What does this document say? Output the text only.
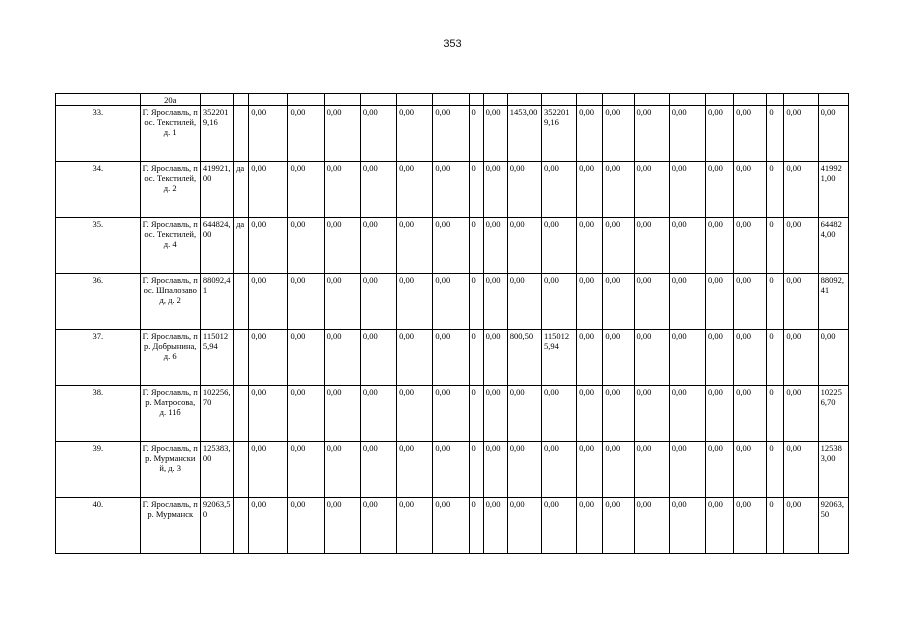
353
	20а																					
33.	Г. Ярославль, пос. Текстилей, д. 1	3522019,16		0,00	0,00	0,00	0,00	0,00	0,00	0	0,00	1453,00	3522019,16	0,00	0,00	0,00	0,00	0,00	0,00	0	0,00	0,00
34.	Г. Ярославль, пос. Текстилей, д. 2	419921,00	да	0,00	0,00	0,00	0,00	0,00	0,00	0	0,00	0,00	0,00	0,00	0,00	0,00	0,00	0,00	0,00	0	0,00	419921,00
35.	Г. Ярославль, пос. Текстилей, д. 4	644824,00	да	0,00	0,00	0,00	0,00	0,00	0,00	0	0,00	0,00	0,00	0,00	0,00	0,00	0,00	0,00	0,00	0	0,00	644824,00
36.	Г. Ярославль, пос. Шпалозавод, д. 2	88092,41		0,00	0,00	0,00	0,00	0,00	0,00	0	0,00	0,00	0,00	0,00	0,00	0,00	0,00	0,00	0,00	0	0,00	88092,41
37.	Г. Ярославль, пр. Добрынина, д. 6	1150125,94		0,00	0,00	0,00	0,00	0,00	0,00	0	0,00	800,50	1150125,94	0,00	0,00	0,00	0,00	0,00	0,00	0	0,00	0,00
38.	Г. Ярославль, пр. Матросова, д. 11б	102256,70		0,00	0,00	0,00	0,00	0,00	0,00	0	0,00	0,00	0,00	0,00	0,00	0,00	0,00	0,00	0,00	0	0,00	102256,70
39.	Г. Ярославль, пр. Мурманский, д. 3	125383,00		0,00	0,00	0,00	0,00	0,00	0,00	0	0,00	0,00	0,00	0,00	0,00	0,00	0,00	0,00	0,00	0	0,00	125383,00
40.	Г. Ярославль, пр. Мурманск	92063,50		0,00	0,00	0,00	0,00	0,00	0,00	0	0,00	0,00	0,00	0,00	0,00	0,00	0,00	0,00	0,00	0	0,00	92063,50
